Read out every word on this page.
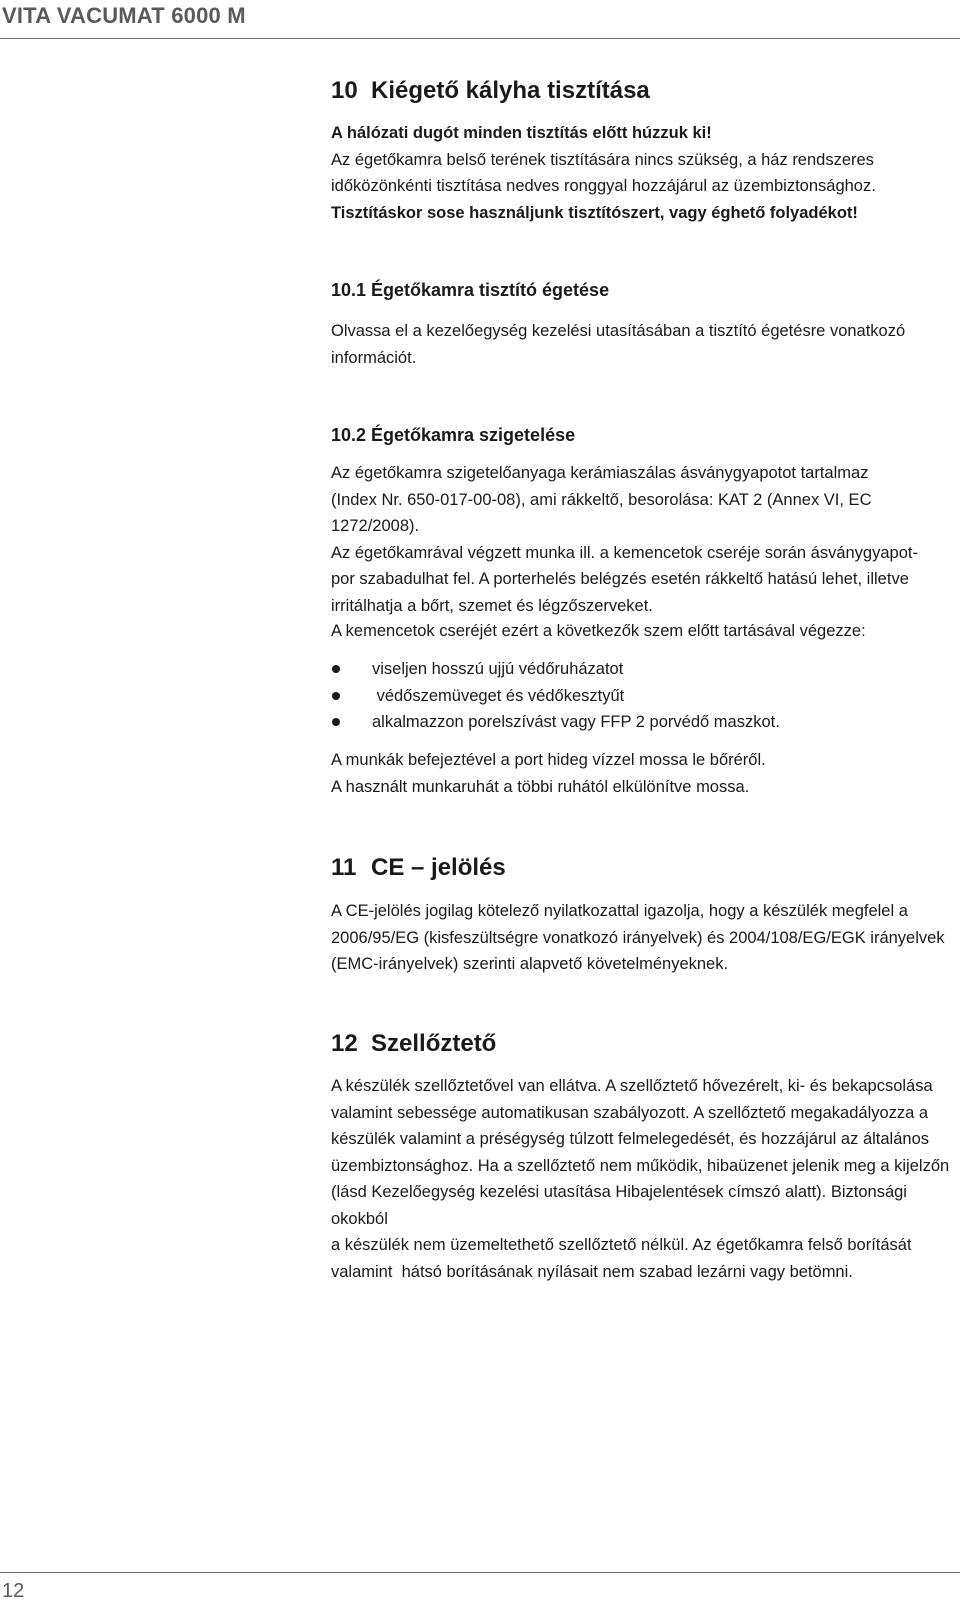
VITA VACUMAT 6000 M
10 Kiégető kályha tisztítása
A hálózati dugót minden tisztítás előtt húzzuk ki!
Az égetőkamra belső terének tisztítására nincs szükség, a ház rendszeres
időközönkénti tisztítása nedves ronggyal hozzájárul az üzembiztonsághoz.
Tisztításkor sose használjunk tisztítószert, vagy éghető folyadékot!
10.1 Égetőkamra tisztító égetése
Olvassa el a kezelőegység kezelési utasításában a tisztító égetésre vonatkozó
információt.
10.2 Égetőkamra szigetelése
Az égetőkamra szigetelőanyaga kerámiaszálas ásványgyapotot tartalmaz
(Index Nr. 650-017-00-08), ami rákkeltő, besorolása: KAT 2 (Annex VI, EC 1272/2008).
Az égetőkamrával végzett munka ill. a kemencetok cseréje során ásványgyapot-
por szabadulhat fel. A porterhelés belégzés esetén rákkeltő hatású lehet, illetve
irritálhatja a bőrt, szemet és légzőszerveket.
A kemencetok cseréjét ezért a következők szem előtt tartásával végezze:
viseljen hosszú ujjú védőruházatot
védőszemüveget és védőkesztyűt
alkalmazzon porelszívást vagy FFP 2 porvédő maszkot.
A munkák befejeztével a port hideg vízzel mossa le bőréről.
A használt munkaruhát a többi ruhától elkülönítve mossa.
11 CE – jelölés
A CE-jelölés jogilag kötelező nyilatkozattal igazolja, hogy a készülék megfelel a
2006/95/EG (kisfeszültségre vonatkozó irányelvek) és 2004/108/EG/EGK irányelvek
(EMC-irányelvek) szerinti alapvető követelményeknek.
12 Szellőztető
A készülék szellőztetővel van ellátva. A szellőztető hővezérelt, ki- és bekapcsolása
valamint sebessége automatikusan szabályozott. A szellőztető megakadályozza a
készülék valamint a préségység túlzott felmelegedését, és hozzájárul az általános
üzembiztonsághoz. Ha a szellőztető nem működik, hibaüzenet jelenik meg a kijelzőn
(lásd Kezelőegység kezelési utasítása Hibajelentések címszó alatt). Biztonsági okokból
a készülék nem üzemeltethető szellőztető nélkül. Az égetőkamra felső borítását
valamint  hátsó borításának nyílásait nem szabad lezárni vagy betömni.
12
